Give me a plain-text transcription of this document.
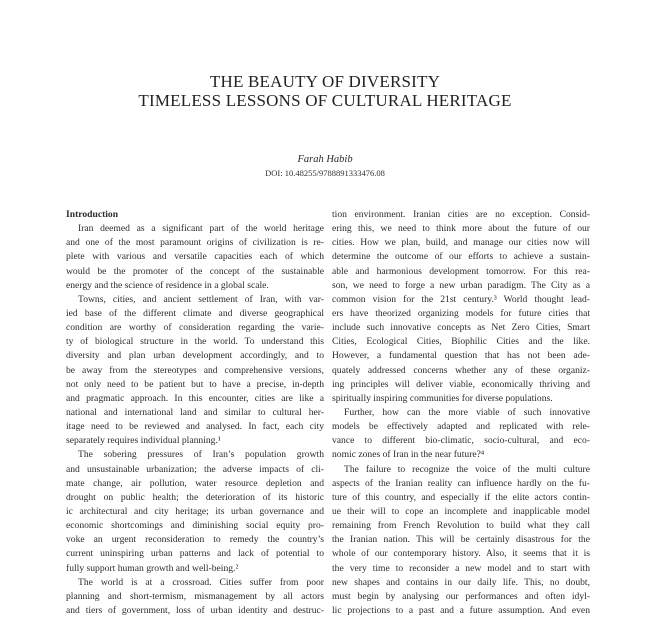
THE BEAUTY OF DIVERSITY
TIMELESS LESSONS OF CULTURAL HERITAGE
Farah Habib
DOI: 10.48255/9788891333476.08
Introduction
Iran deemed as a significant part of the world heritage
and one of the most paramount origins of civilization is re-
plete with various and versatile capacities each of which
would be the promoter of the concept of the sustainable
energy and the science of residence in a global scale.
Towns, cities, and ancient settlement of Iran, with var-
ied base of the different climate and diverse geographical
condition are worthy of consideration regarding the varie-
ty of biological structure in the world. To understand this
diversity and plan urban development accordingly, and to
be away from the stereotypes and comprehensive versions,
not only need to be patient but to have a precise, in-depth
and pragmatic approach. In this encounter, cities are like a
national and international land and similar to cultural her-
itage need to be reviewed and analysed. In fact, each city
separately requires individual planning.¹
The sobering pressures of Iran’s population growth
and unsustainable urbanization; the adverse impacts of cli-
mate change, air pollution, water resource depletion and
drought on public health; the deterioration of its historic
ic architectural and city heritage; its urban governance and
economic shortcomings and diminishing social equity pro-
voke an urgent reconsideration to remedy the country’s
current uninspiring urban patterns and lack of potential to
fully support human growth and well-being.²
The world is at a crossroad. Cities suffer from poor
planning and short-termism, mismanagement by all actors
and tiers of government, loss of urban identity and destruc-
tion environment. Iranian cities are no exception. Consid-
ering this, we need to think more about the future of our
cities. How we plan, build, and manage our cities now will
determine the outcome of our efforts to achieve a sustain-
able and harmonious development tomorrow. For this rea-
son, we need to forge a new urban paradigm. The City as a
common vision for the 21st century.³ World thought lead-
ers have theorized organizing models for future cities that
include such innovative concepts as Net Zero Cities, Smart
Cities, Ecological Cities, Biophilic Cities and the like.
However, a fundamental question that has not been ade-
quately addressed concerns whether any of these organiz-
ing principles will deliver viable, economically thriving and
spiritually inspiring communities for diverse populations.
Further, how can the more viable of such innovative
models be effectively adapted and replicated with rele-
vance to different bio-climatic, socio-cultural, and eco-
nomic zones of Iran in the near future?⁴
The failure to recognize the voice of the multi culture
aspects of the Iranian reality can influence hardly on the fu-
ture of this country, and especially if the elite actors contin-
ue their will to cope an incomplete and inapplicable model
remaining from French Revolution to build what they call
the Iranian nation. This will be certainly disastrous for the
whole of our contemporary history. Also, it seems that it is
the very time to reconsider a new model and to start with
new shapes and contains in our daily life. This, no doubt,
must begin by analysing our performances and often idyl-
lic projections to a past and a future assumption. And even
